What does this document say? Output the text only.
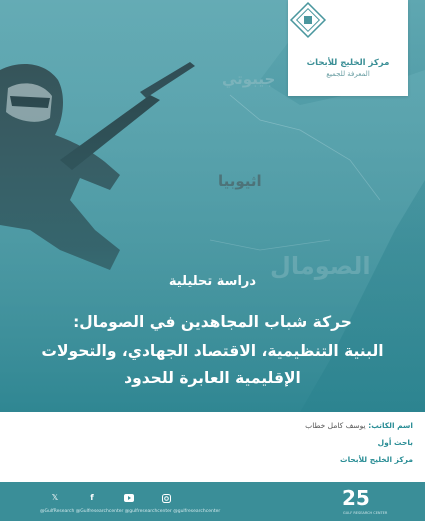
جيبوتي
اثيوبيا
الصومال
مركز الخليج للأبحاث
المعرفة للجميع
دراسة تحليلية
حركة شباب المجاهدين في الصومال:
البنية التنظيمية، الاقتصاد الجهادي، والتحولات
الإقليمية العابرة للحدود
اسم الكاتب: يوسف كامل خطاب
باحث أول
مركز الخليج للأبحاث
𝕏	f
@GulfResearch @Gulfresearchcenter @gulfresearchcenter @gulfresearchcenter
25
GULF RESEARCH CENTER
